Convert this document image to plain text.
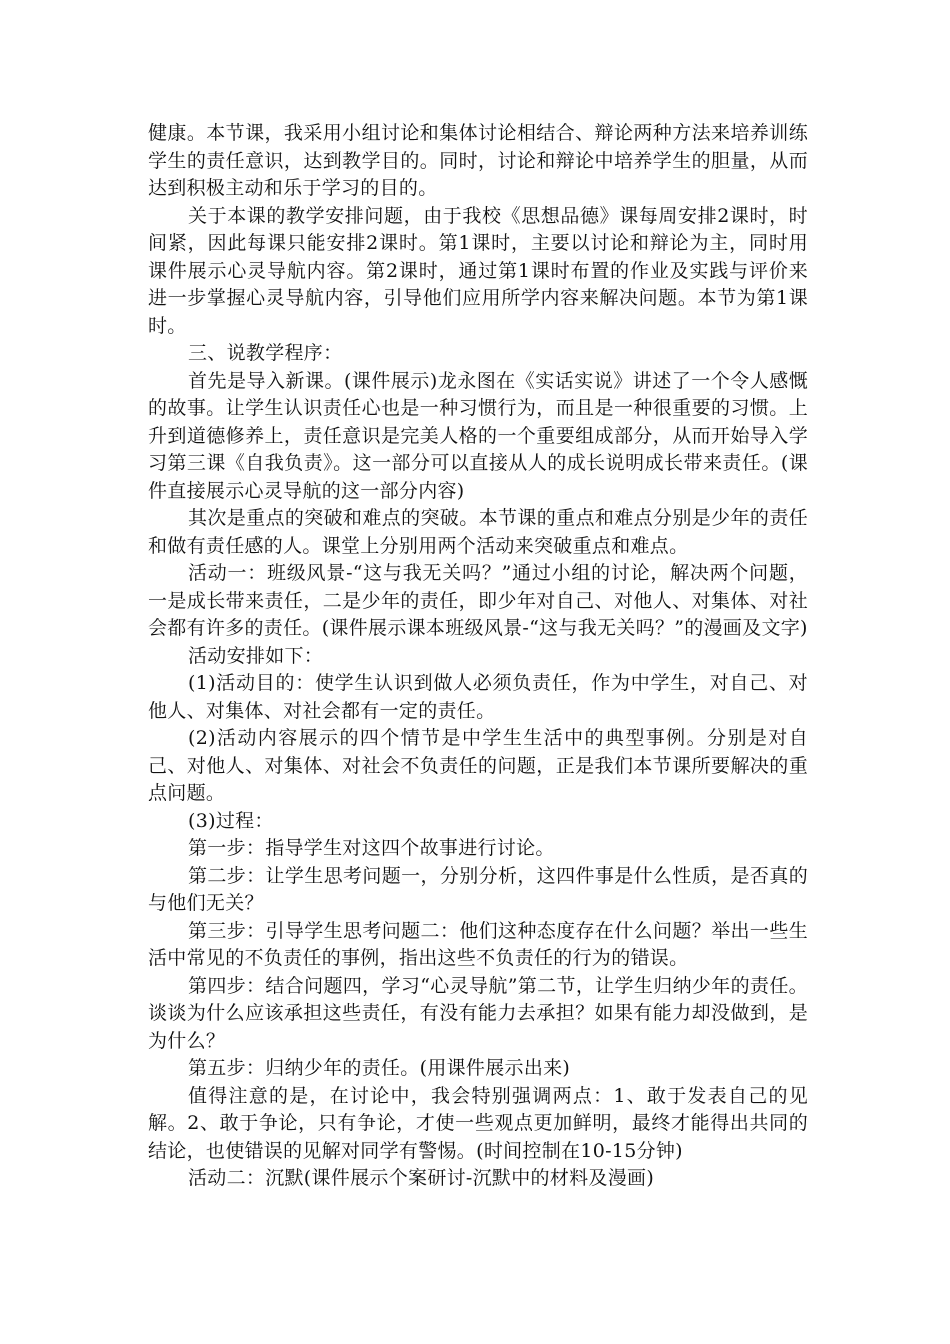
健康。本节课，我采用小组讨论和集体讨论相结合、辩论两种方法来培养训练学生的责任意识，达到教学目的。同时，讨论和辩论中培养学生的胆量，从而达到积极主动和乐于学习的目的。

关于本课的教学安排问题，由于我校《思想品德》课每周安排2课时，时间紧，因此每课只能安排2课时。第1课时，主要以讨论和辩论为主，同时用课件展示心灵导航内容。第2课时，通过第1课时布置的作业及实践与评价来进一步掌握心灵导航内容，引导他们应用所学内容来解决问题。本节为第1课时。

三、说教学程序：

首先是导入新课。(课件展示)龙永图在《实话实说》讲述了一个令人感慨的故事。让学生认识责任心也是一种习惯行为，而且是一种很重要的习惯。上升到道德修养上，责任意识是完美人格的一个重要组成部分，从而开始导入学习第三课《自我负责》。这一部分可以直接从人的成长说明成长带来责任。(课件直接展示心灵导航的这一部分内容)

其次是重点的突破和难点的突破。本节课的重点和难点分别是少年的责任和做有责任感的人。课堂上分别用两个活动来突破重点和难点。

活动一：班级风景-“这与我无关吗？”通过小组的讨论，解决两个问题，一是成长带来责任，二是少年的责任，即少年对自己、对他人、对集体、对社会都有许多的责任。(课件展示课本班级风景-“这与我无关吗？”的漫画及文字)

活动安排如下：

(1)活动目的：使学生认识到做人必须负责任，作为中学生，对自己、对他人、对集体、对社会都有一定的责任。

(2)活动内容展示的四个情节是中学生生活中的典型事例。分别是对自己、对他人、对集体、对社会不负责任的问题，正是我们本节课所要解决的重点问题。

(3)过程：

第一步：指导学生对这四个故事进行讨论。

第二步：让学生思考问题一，分别分析，这四件事是什么性质，是否真的与他们无关？

第三步：引导学生思考问题二：他们这种态度存在什么问题？举出一些生活中常见的不负责任的事例，指出这些不负责任的行为的错误。

第四步：结合问题四，学习“心灵导航”第二节，让学生归纳少年的责任。谈谈为什么应该承担这些责任，有没有能力去承担？如果有能力却没做到，是为什么？

第五步：归纳少年的责任。(用课件展示出来)

值得注意的是，在讨论中，我会特别强调两点：1、敢于发表自己的见解。2、敢于争论，只有争论，才使一些观点更加鲜明，最终才能得出共同的结论，也使错误的见解对同学有警惕。(时间控制在10-15分钟)

活动二：沉默(课件展示个案研讨-沉默中的材料及漫画)
